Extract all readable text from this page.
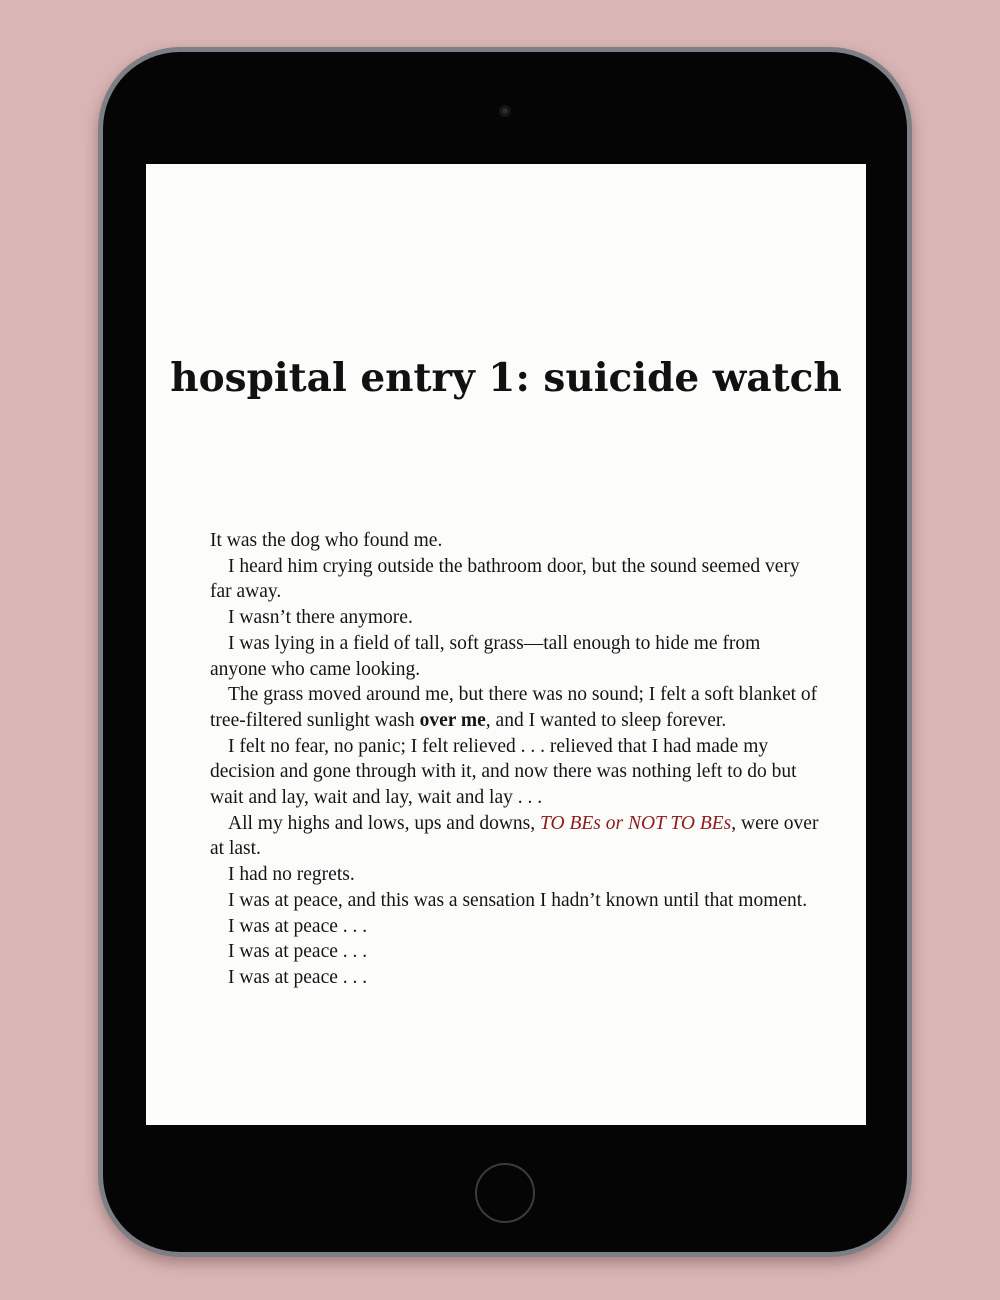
hospital entry 1: suicide watch

It was the dog who found me.

I heard him crying outside the bathroom door, but the sound seemed very far away.

I wasn’t there anymore.

I was lying in a field of tall, soft grass—tall enough to hide me from anyone who came looking.

The grass moved around me, but there was no sound; I felt a soft blanket of tree-filtered sunlight wash over me, and I wanted to sleep forever.

I felt no fear, no panic; I felt relieved . . . relieved that I had made my decision and gone through with it, and now there was nothing left to do but wait and lay, wait and lay, wait and lay . . .

All my highs and lows, ups and downs, TO BEs or NOT TO BEs, were over at last.

I had no regrets.

I was at peace, and this was a sensation I hadn’t known until that moment.

I was at peace . . .

I was at peace . . .

I was at peace . . .
